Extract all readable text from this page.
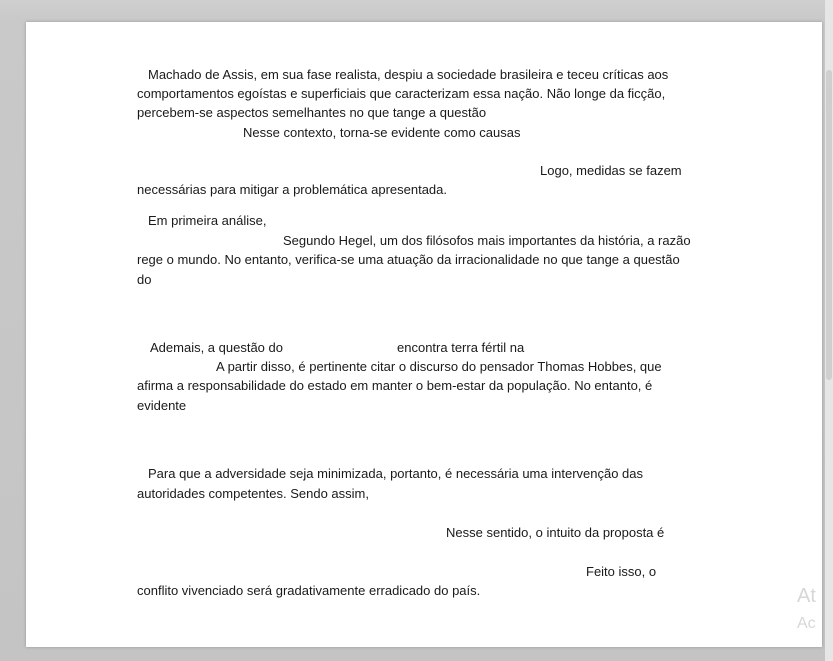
Machado de Assis, em sua fase realista, despiu a sociedade brasileira e teceu críticas aos
comportamentos egoístas e superficiais que caracterizam essa nação. Não longe da ficção,
percebem-se aspectos semelhantes no que tange a questão
Nesse contexto, torna-se evidente como causas
Logo, medidas se fazem
necessárias para mitigar a problemática apresentada.
Em primeira análise,
Segundo Hegel, um dos filósofos mais importantes da história, a razão
rege o mundo. No entanto, verifica-se uma atuação da irracionalidade no que tange a questão
do
Ademais, a questão do	encontra terra fértil na
A partir disso, é pertinente citar o discurso do pensador Thomas Hobbes, que
afirma a responsabilidade do estado em manter o bem-estar da população. No entanto, é
evidente
Para que a adversidade seja minimizada, portanto, é necessária uma intervenção das
autoridades competentes. Sendo assim,
Nesse sentido, o intuito da proposta é
Feito isso, o
conflito vivenciado será gradativamente erradicado do país.	At
Ac
